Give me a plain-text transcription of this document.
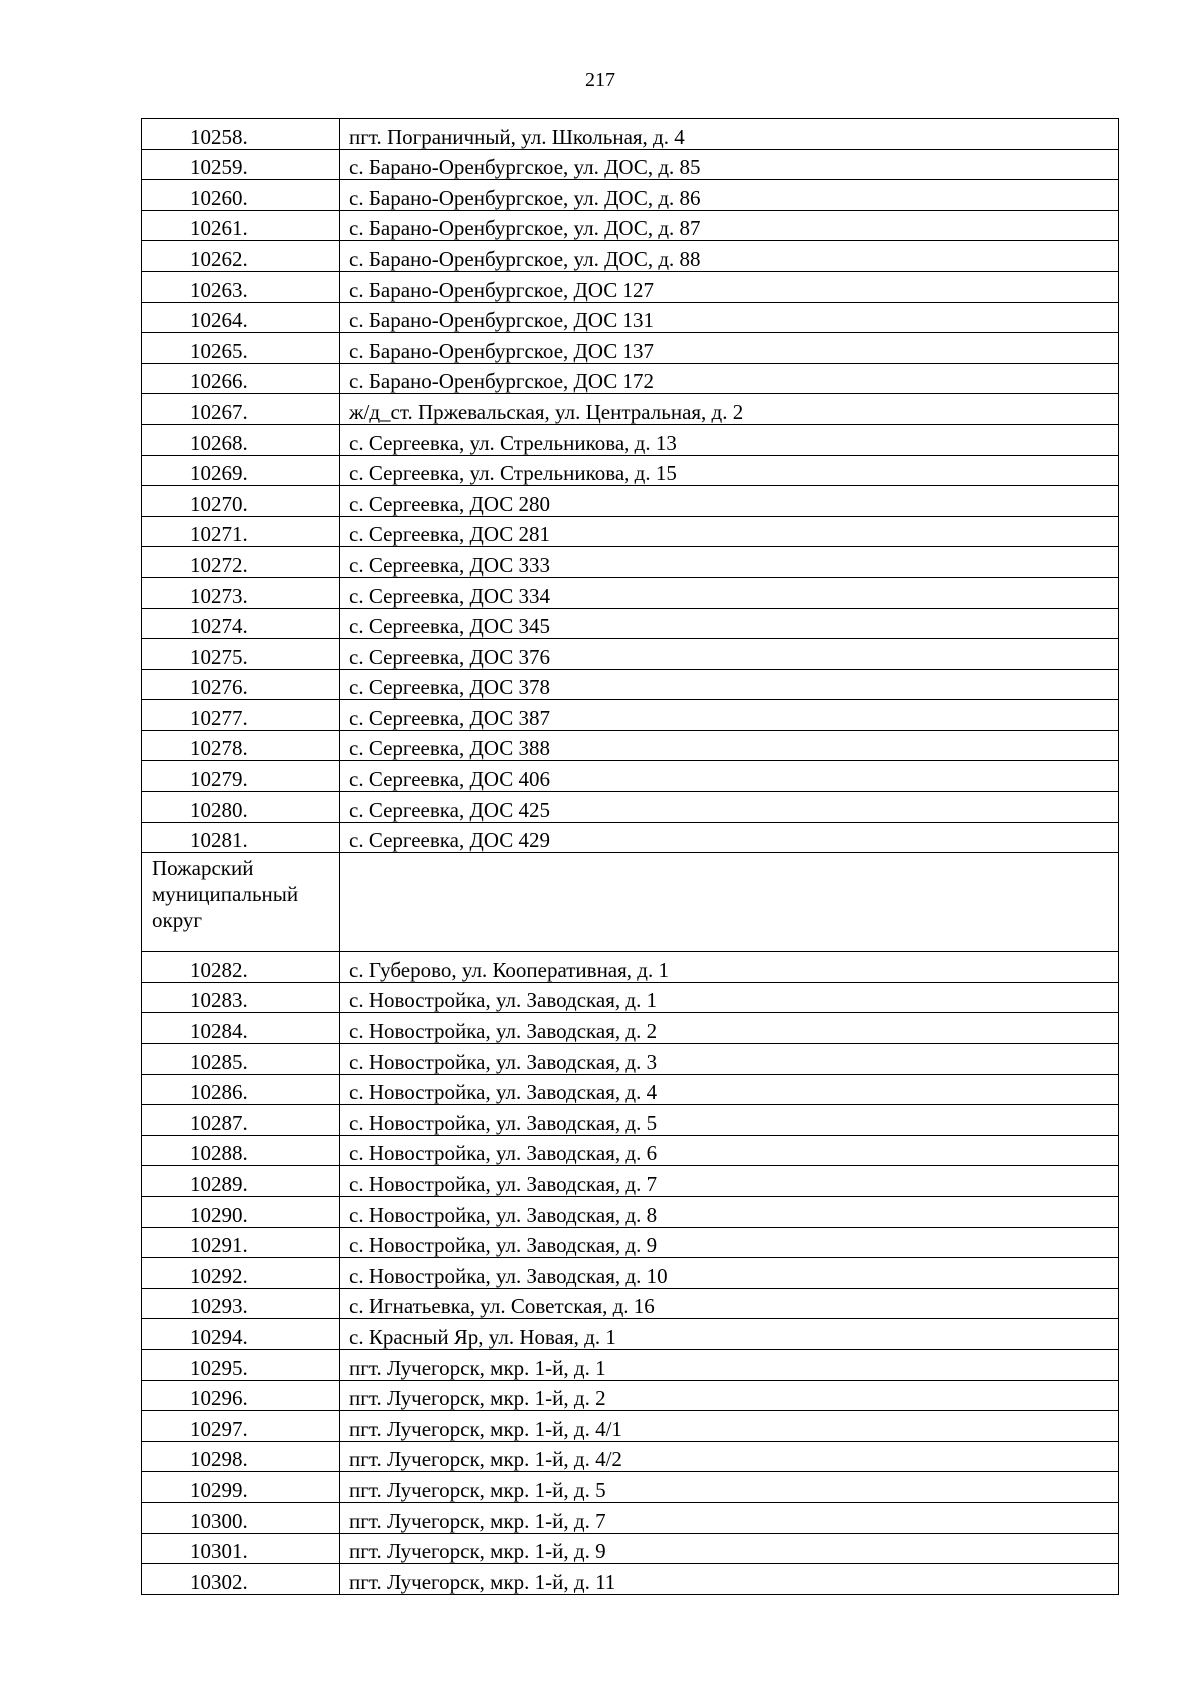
217
10258.	пгт. Пограничный, ул. Школьная, д. 4
10259.	с. Барано-Оренбургское, ул. ДОС, д. 85
10260.	с. Барано-Оренбургское, ул. ДОС, д. 86
10261.	с. Барано-Оренбургское, ул. ДОС, д. 87
10262.	с. Барано-Оренбургское, ул. ДОС, д. 88
10263.	с. Барано-Оренбургское, ДОС 127
10264.	с. Барано-Оренбургское, ДОС 131
10265.	с. Барано-Оренбургское, ДОС 137
10266.	с. Барано-Оренбургское, ДОС 172
10267.	ж/д_ст. Пржевальская, ул. Центральная, д. 2
10268.	с. Сергеевка, ул. Стрельникова, д. 13
10269.	с. Сергеевка, ул. Стрельникова, д. 15
10270.	с. Сергеевка, ДОС 280
10271.	с. Сергеевка, ДОС 281
10272.	с. Сергеевка, ДОС 333
10273.	с. Сергеевка, ДОС 334
10274.	с. Сергеевка, ДОС 345
10275.	с. Сергеевка, ДОС 376
10276.	с. Сергеевка, ДОС 378
10277.	с. Сергеевка, ДОС 387
10278.	с. Сергеевка, ДОС 388
10279.	с. Сергеевка, ДОС 406
10280.	с. Сергеевка, ДОС 425
10281.	с. Сергеевка, ДОС 429

Пожарский
муниципальный
округ	

10282.	с. Губерово, ул. Кооперативная, д. 1
10283.	с. Новостройка, ул. Заводская, д. 1
10284.	с. Новостройка, ул. Заводская, д. 2
10285.	с. Новостройка, ул. Заводская, д. 3
10286.	с. Новостройка, ул. Заводская, д. 4
10287.	с. Новостройка, ул. Заводская, д. 5
10288.	с. Новостройка, ул. Заводская, д. 6
10289.	с. Новостройка, ул. Заводская, д. 7
10290.	с. Новостройка, ул. Заводская, д. 8
10291.	с. Новостройка, ул. Заводская, д. 9
10292.	с. Новостройка, ул. Заводская, д. 10
10293.	с. Игнатьевка, ул. Советская, д. 16
10294.	с. Красный Яр, ул. Новая, д. 1
10295.	пгт. Лучегорск, мкр. 1-й, д. 1
10296.	пгт. Лучегорск, мкр. 1-й, д. 2
10297.	пгт. Лучегорск, мкр. 1-й, д. 4/1
10298.	пгт. Лучегорск, мкр. 1-й, д. 4/2
10299.	пгт. Лучегорск, мкр. 1-й, д. 5
10300.	пгт. Лучегорск, мкр. 1-й, д. 7
10301.	пгт. Лучегорск, мкр. 1-й, д. 9
10302.	пгт. Лучегорск, мкр. 1-й, д. 11
